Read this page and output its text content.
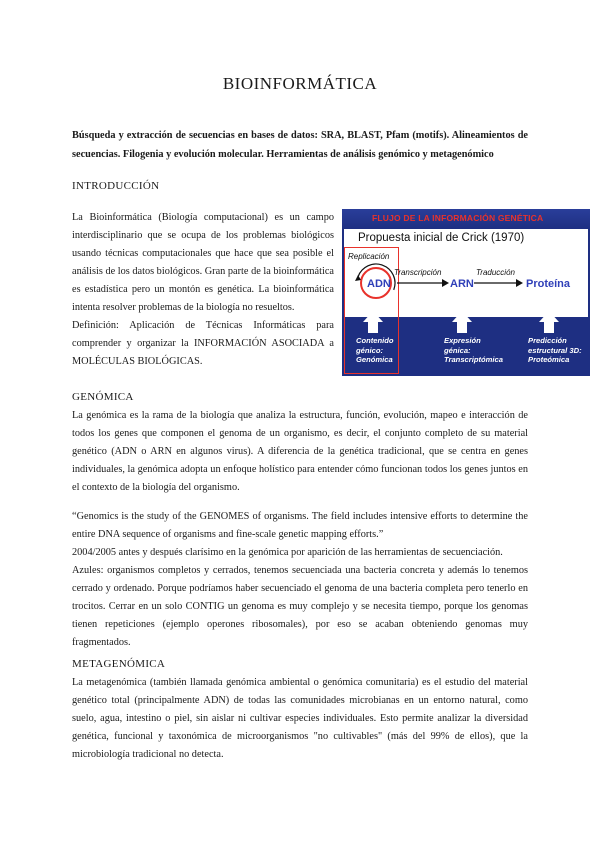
BIOINFORMÁTICA
Búsqueda y extracción de secuencias en bases de datos: SRA, BLAST, Pfam (motifs). Alineamientos de secuencias. Filogenia y evolución molecular. Herramientas de análisis genómico y metagenómico
INTRODUCCIÓN

La Bioinformática (Biología computacional) es un campo interdisciplinario que se ocupa de los problemas biológicos usando técnicas computacionales que hace que sea posible el análisis de los datos biológicos. Gran parte de la bioinformática es estadística pero un montón es genética. La bioinformática intenta resolver problemas de la biología no resueltos.

Definición: Aplicación de Técnicas Informáticas para comprender y organizar la INFORMACIÓN ASOCIADA a MOLÉCULAS BIOLÓGICAS.

FLUJO DE LA INFORMACIÓN GENÉTICA
Propuesta inicial de Crick (1970)
Replicación
Transcripción	Traducción
ADN	ARN	Proteína
Contenido
génico:
Genómica
Expresión
génica:
Transcriptómica
Predicción
estructural 3D:
Proteómica
GENÓMICA

La genómica es la rama de la biología que analiza la estructura, función, evolución, mapeo e interacción de todos los genes que componen el genoma de un organismo, es decir, el conjunto completo de su material genético (ADN o ARN en algunos virus). A diferencia de la genética tradicional, que se centra en genes individuales, la genómica adopta un enfoque holístico para entender cómo funcionan todos los genes juntos en el contexto de la biología del organismo.

“Genomics is the study of the GENOMES of organisms. The field includes intensive efforts to determine the entire DNA sequence of organisms and fine-scale genetic mapping efforts.”

2004/2005 antes y después clarísimo en la genómica por aparición de las herramientas de secuenciación.

Azules: organismos completos y cerrados, tenemos secuenciada una bacteria concreta y además lo tenemos cerrado y ordenado. Porque podríamos haber secuenciado el genoma de una bacteria completa pero tenerlo en trocitos. Cerrar en un solo CONTIG un genoma es muy complejo y se necesita tiempo, porque los genomas tienen repeticiones (ejemplo operones ribosomales), por eso se acaban obteniendo genomas muy fragmentados.

METAGENÓMICA

La metagenómica (también llamada genómica ambiental o genómica comunitaria) es el estudio del material genético total (principalmente ADN) de todas las comunidades microbianas en un entorno natural, como suelo, agua, intestino o piel, sin aislar ni cultivar especies individuales. Esto permite analizar la diversidad genética, funcional y taxonómica de microorganismos "no cultivables" (más del 99% de ellos), que la microbiología tradicional no detecta.
